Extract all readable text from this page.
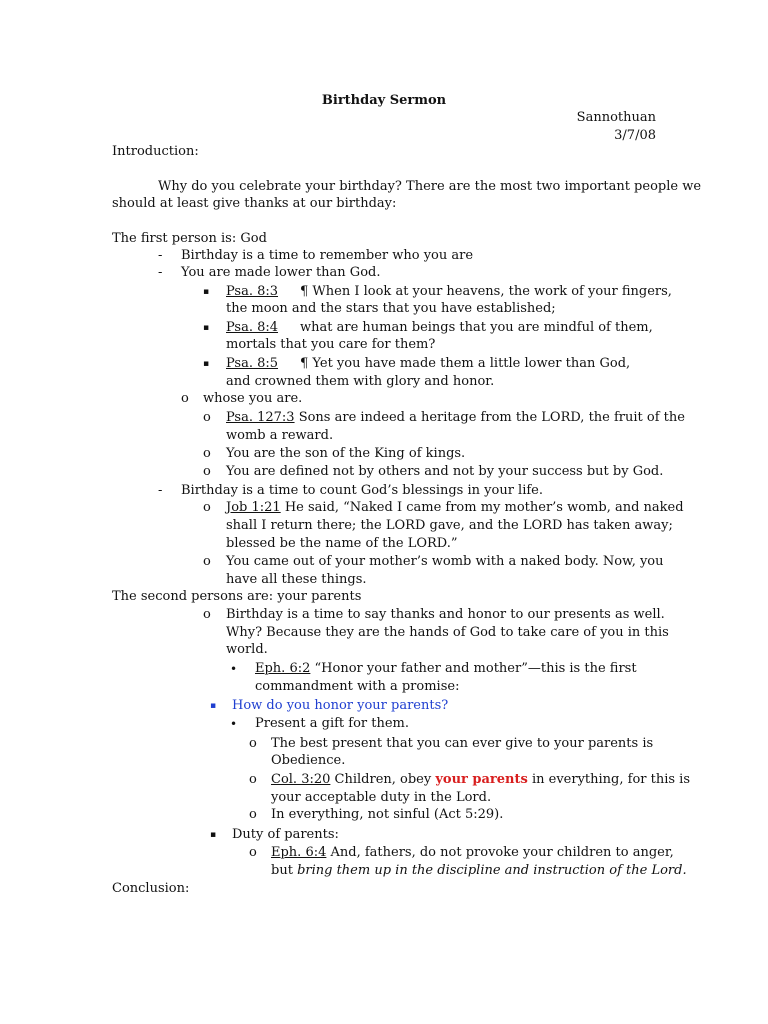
Birthday Sermon
Sannothuan
3/7/08
Introduction:
Why do you celebrate your birthday? There are the most two important people we
should at least give thanks at our birthday:
The first person is: God
- Birthday is a time to remember who you are
- You are made lower than God.
▪ Psa. 8:3 ¶ When I look at your heavens, the work of your fingers,
the moon and the stars that you have established;
▪ Psa. 8:4 what are human beings that you are mindful of them,
mortals that you care for them?
▪ Psa. 8:5 ¶ Yet you have made them a little lower than God,
and crowned them with glory and honor.
o whose you are.
o Psa. 127:3 Sons are indeed a heritage from the LORD, the fruit of the
womb a reward.
o You are the son of the King of kings.
o You are defined not by others and not by your success but by God.
- Birthday is a time to count God’s blessings in your life.
o Job 1:21 He said, “Naked I came from my mother’s womb, and naked
shall I return there; the LORD gave, and the LORD has taken away;
blessed be the name of the LORD.”
o You came out of your mother’s womb with a naked body. Now, you
have all these things.
The second persons are: your parents
o Birthday is a time to say thanks and honor to our presents as well.
Why? Because they are the hands of God to take care of you in this
world.
• Eph. 6:2 “Honor your father and mother”—this is the first
commandment with a promise:
▪ How do you honor your parents?
• Present a gift for them.
o The best present that you can ever give to your parents is
Obedience.
o Col. 3:20 Children, obey your parents in everything, for this is
your acceptable duty in the Lord.
o In everything, not sinful (Act 5:29).
▪ Duty of parents:
o Eph. 6:4 And, fathers, do not provoke your children to anger,
but bring them up in the discipline and instruction of the Lord.
Conclusion:
